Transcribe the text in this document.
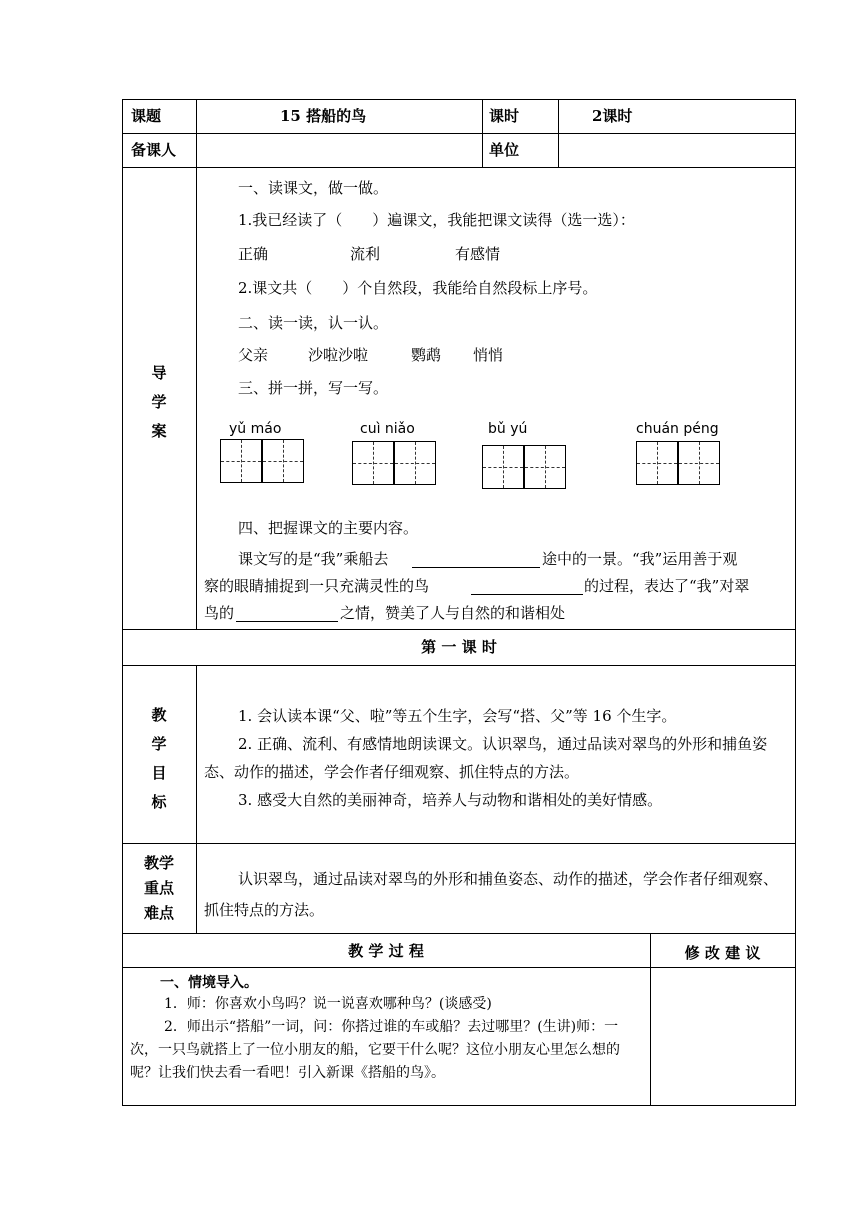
课题	15 搭船的鸟	课时	2课时
备课人	单位
导
学
案
一、读课文，做一做。
1.我已经读了（　　）遍课文，我能把课文读得（选一选）：
正确	流利	有感情
2.课文共（　　）个自然段，我能给自然段标上序号。
二、读一读，认一认。
父亲	沙啦沙啦	鹦鹉 悄悄
三、拼一拼，写一写。
yǔ máo	cuì niǎo	bǔ yú	chuán péng
四、把握课文的主要内容。
课文写的是“我”乘船去	途中的一景。“我”运用善于观
察的眼睛捕捉到一只充满灵性的鸟	的过程，表达了“我”对翠
鸟的	之情，赞美了人与自然的和谐相处
第 一 课 时
教
学
目
标
1. 会认读本课“父、啦”等五个生字，会写“搭、父”等 16 个生字。
2. 正确、流利、有感情地朗读课文。认识翠鸟，通过品读对翠鸟的外形和捕鱼姿态、动作的描述，学会作者仔细观察、抓住特点的方法。
3. 感受大自然的美丽神奇，培养人与动物和谐相处的美好情感。
教学
重点
难点
认识翠鸟，通过品读对翠鸟的外形和捕鱼姿态、动作的描述，学会作者仔细观察、抓住特点的方法。
教 学 过 程	修 改 建 议
一、情境导入。
1．师：你喜欢小鸟吗？说一说喜欢哪种鸟？(谈感受)
2．师出示“搭船”一词，问：你搭过谁的车或船？去过哪里？(生讲)师：一次，一只鸟就搭上了一位小朋友的船，它要干什么呢？这位小朋友心里怎么想的呢？让我们快去看一看吧！引入新课《搭船的鸟》。
